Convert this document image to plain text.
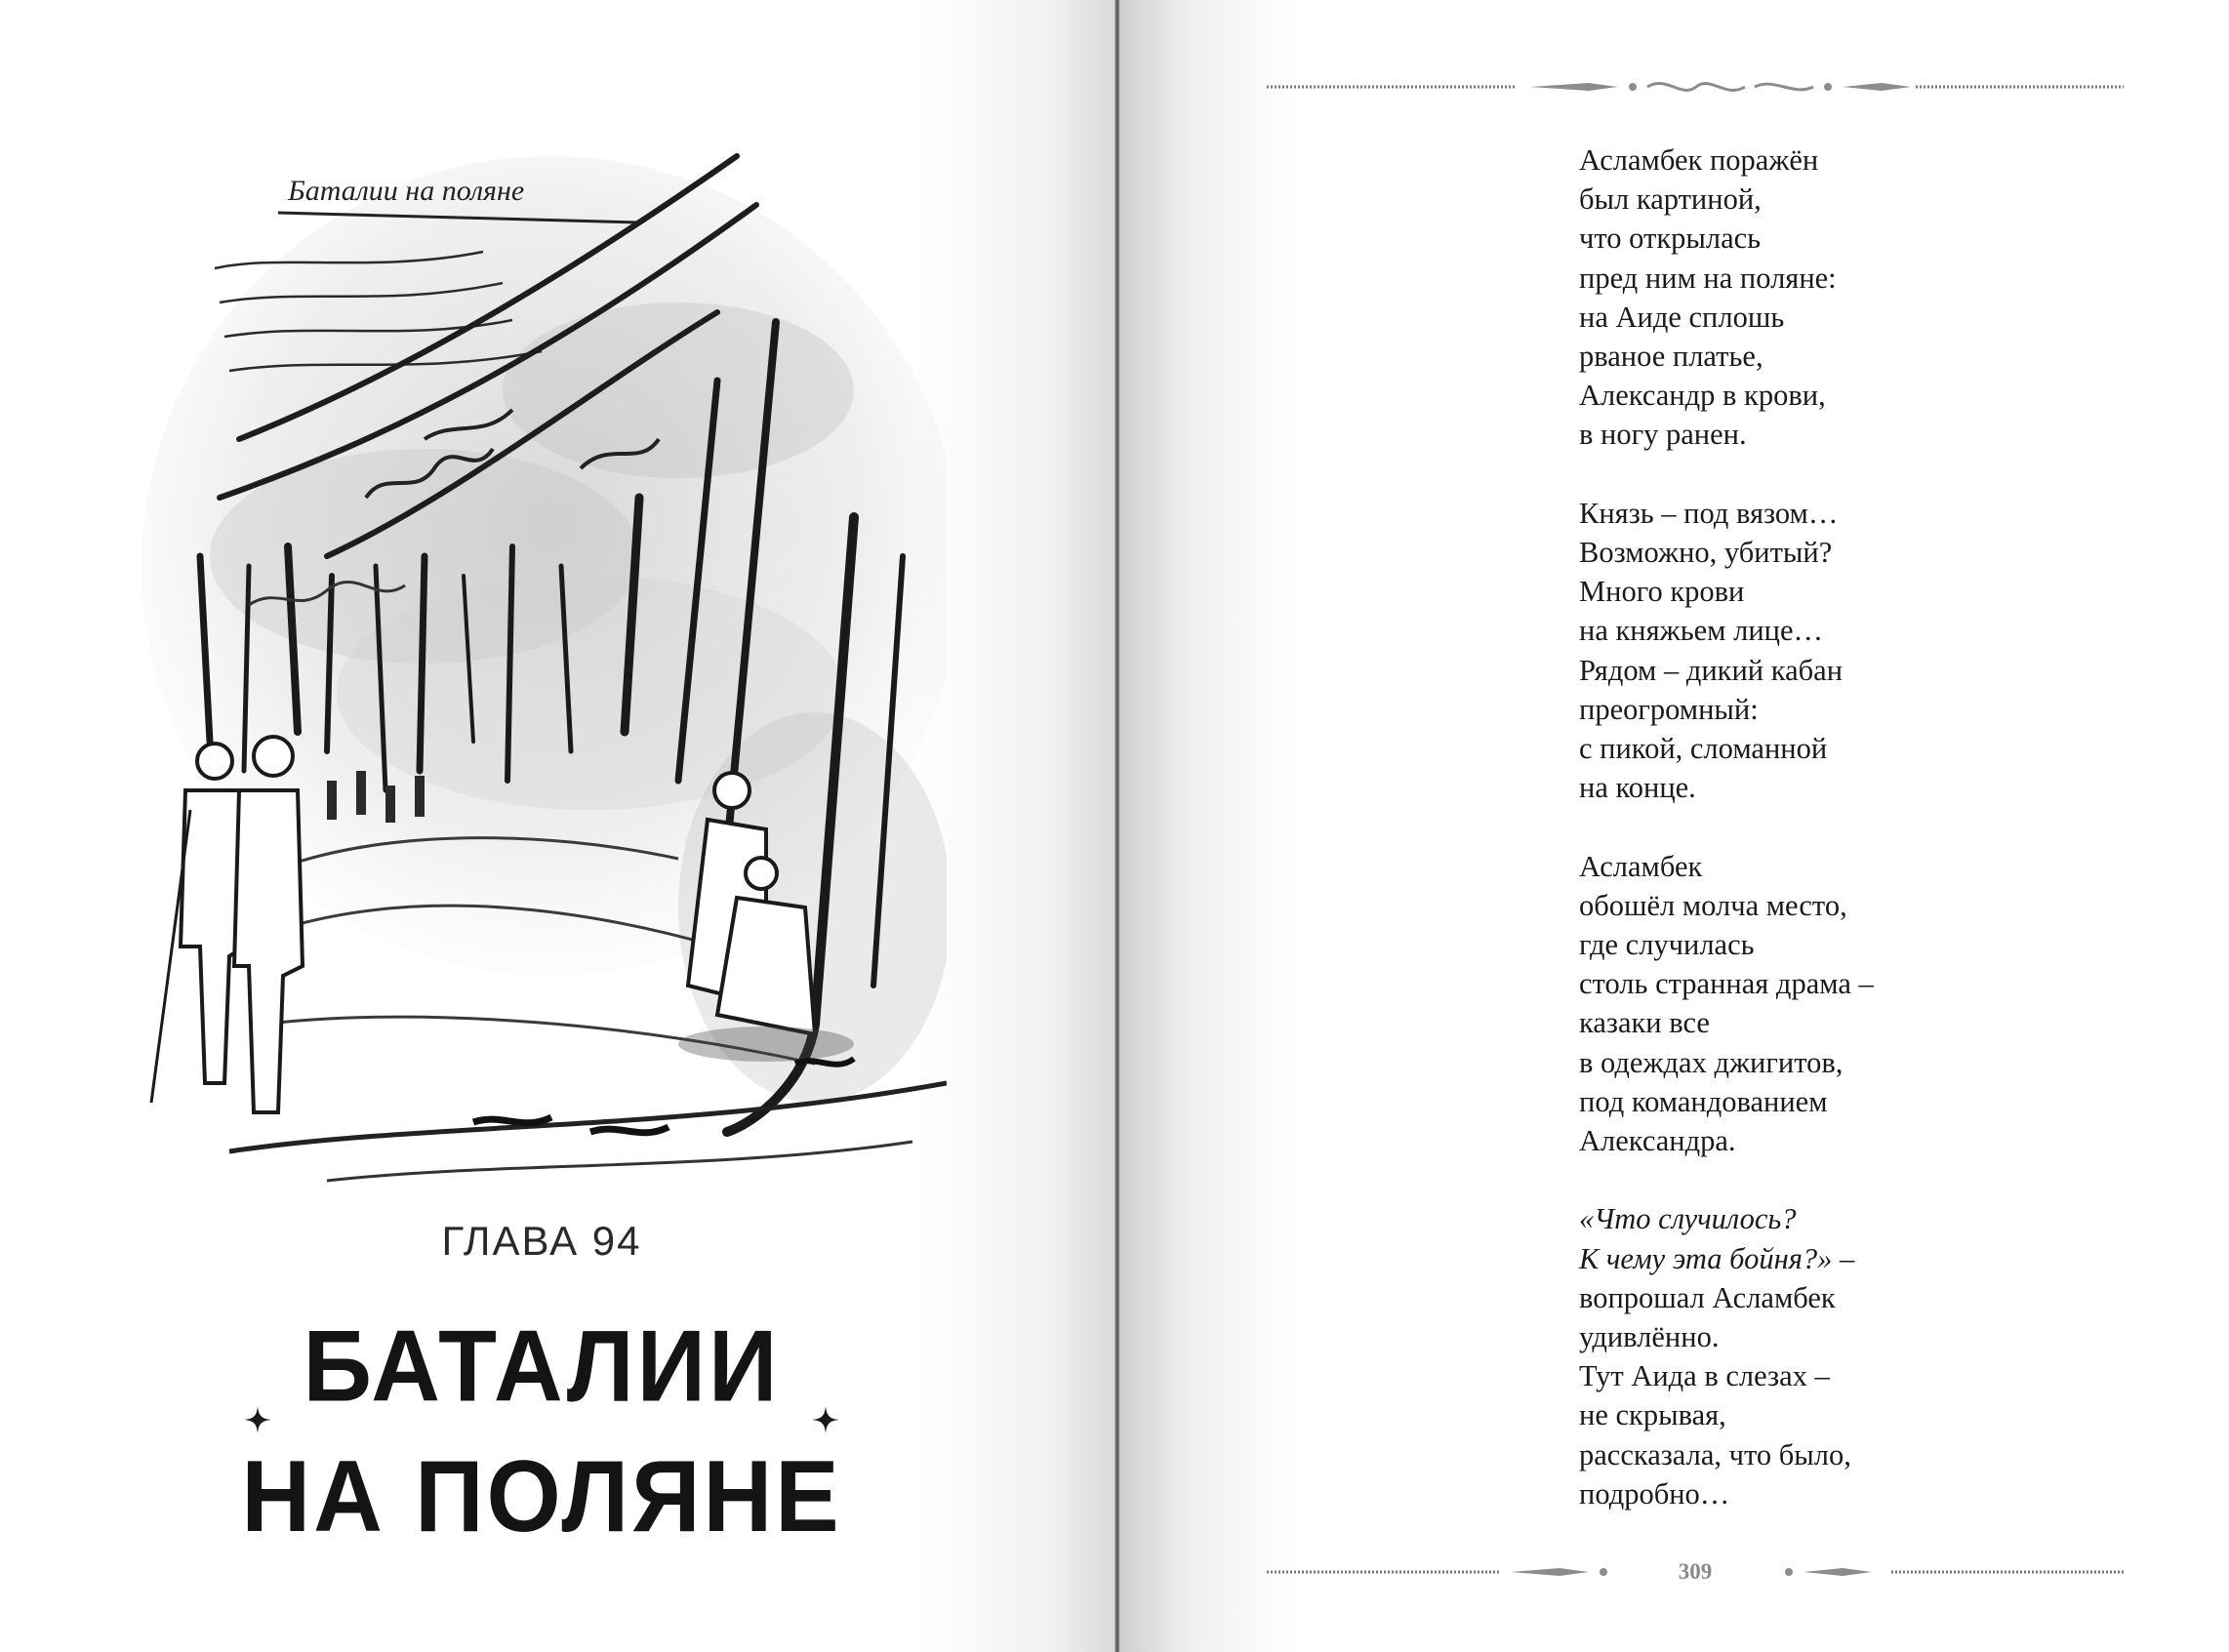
Баталии на поляне
ГЛАВА 94
БАТАЛИИ
НА ПОЛЯНЕ
Асламбек поражён
был картиной,
что открылась
пред ним на поляне:
на Аиде сплошь
рваное платье,
Александр в крови,
в ногу ранен.
Князь – под вязом…
Возможно, убитый?
Много крови
на княжьем лице…
Рядом – дикий кабан
преогромный:
с пикой, сломанной
на конце.
Асламбек
обошёл молча место,
где случилась
столь странная драма –
казаки все
в одеждах джигитов,
под командованием
Александра.
«Что случилось?
К чему эта бойня?» –
вопрошал Асламбек
удивлённо.
Тут Аида в слезах –
не скрывая,
рассказала, что было,
подробно…
309
